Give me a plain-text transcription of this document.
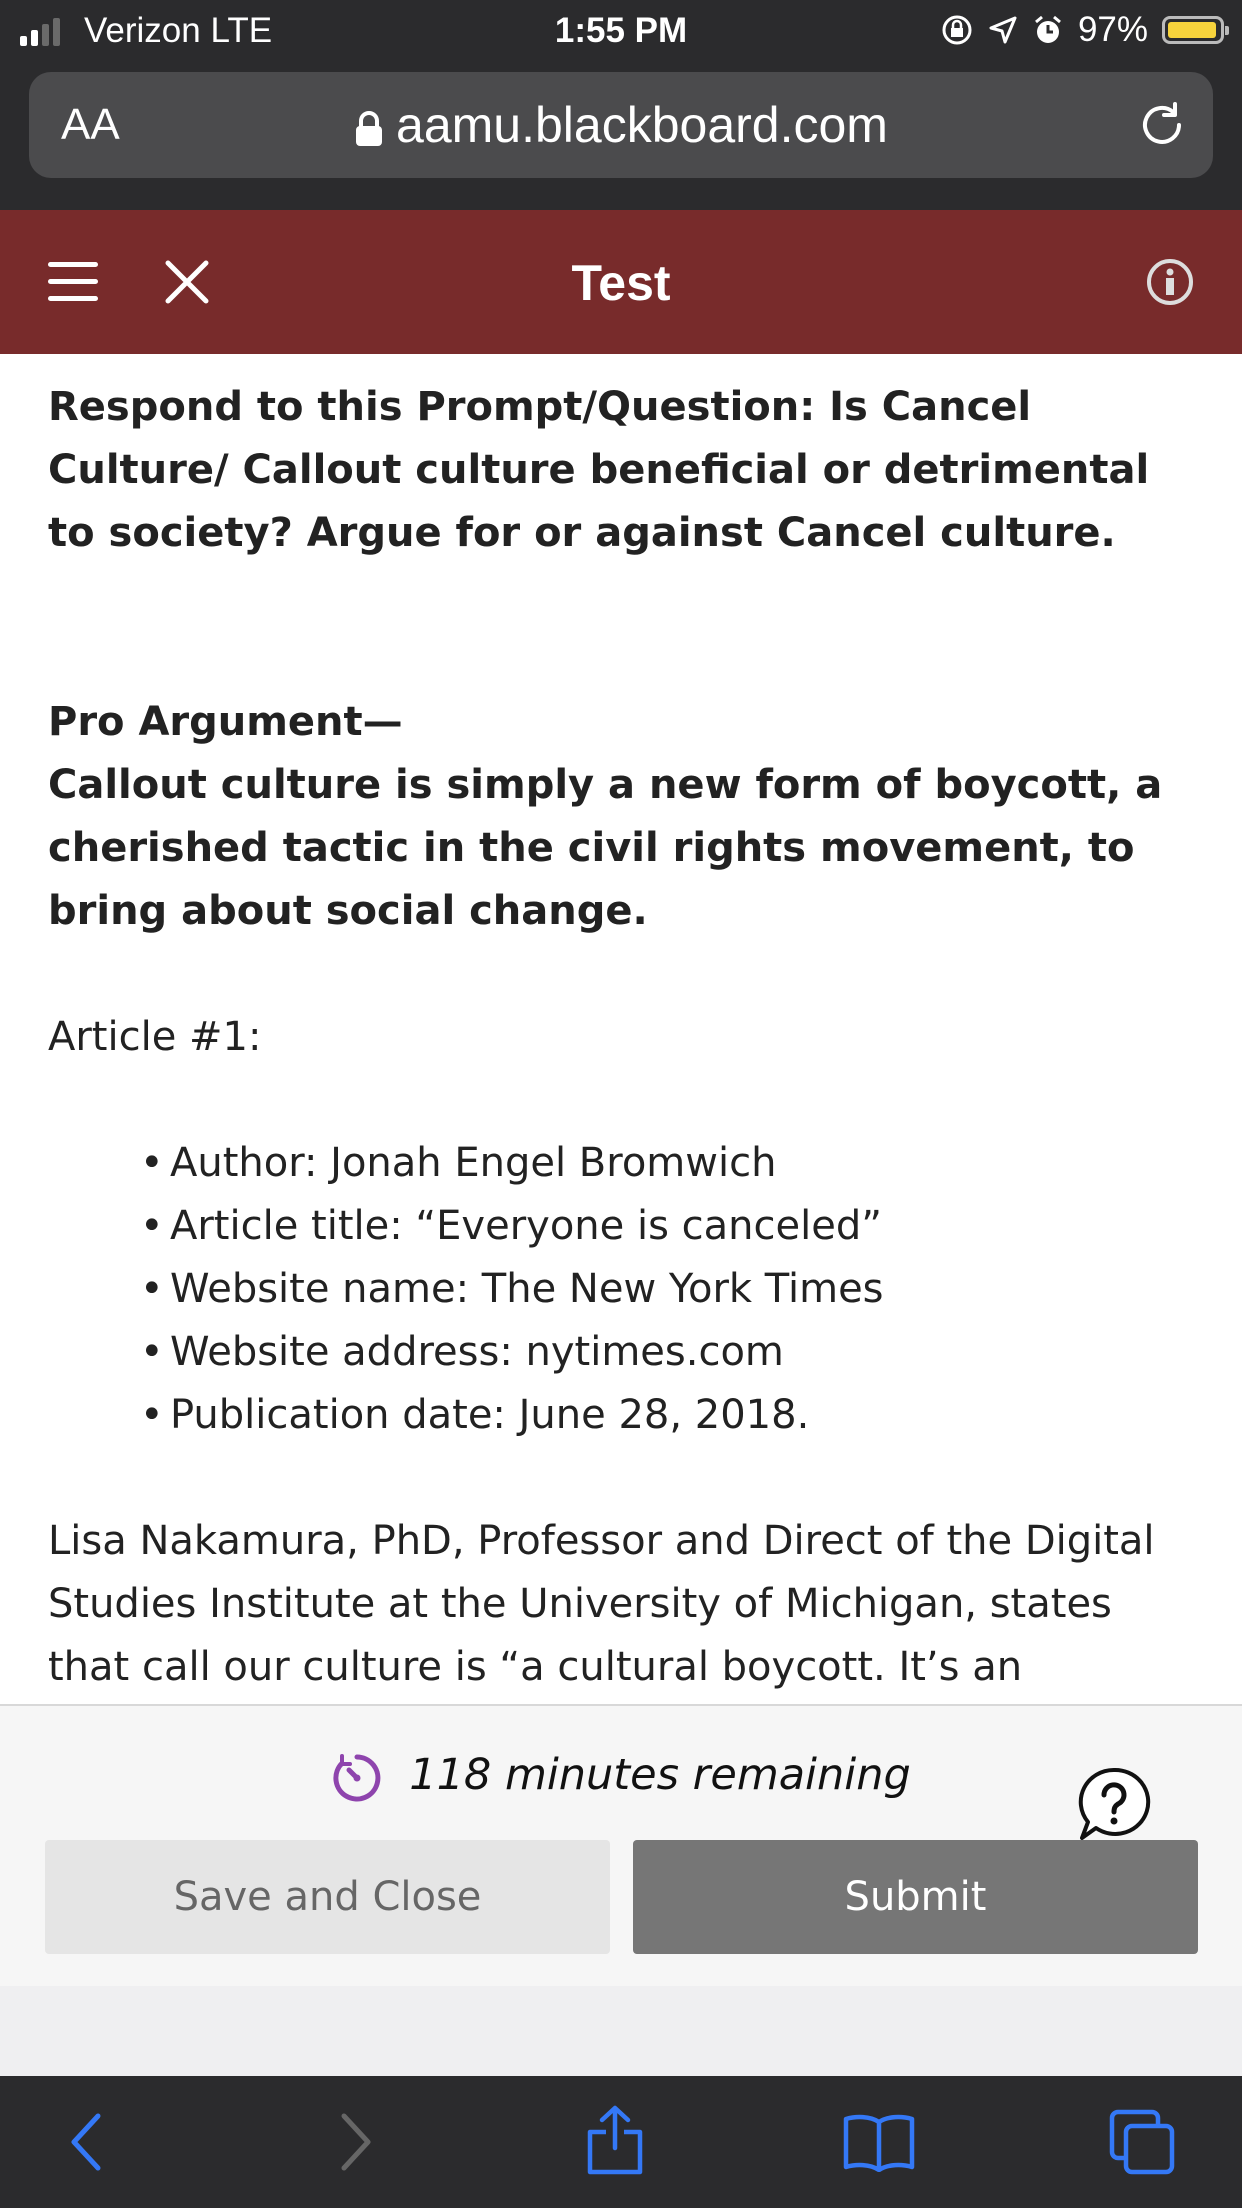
Verizon LTE	1:55 PM	97%
AA	aamu.blackboard.com
Test

Respond to this Prompt/Question: Is Cancel Culture/ Callout culture beneficial or detrimental to society? Argue for or against Cancel culture.

Pro Argument—

Callout culture is simply a new form of boycott, a cherished tactic in the civil rights movement, to bring about social change.

Article #1:

• Author: Jonah Engel Bromwich
• Article title: “Everyone is canceled”
• Website name: The New York Times
• Website address: nytimes.com
• Publication date: June 28, 2018.

Lisa Nakamura, PhD, Professor and Direct of the Digital Studies Institute at the University of Michigan, states that call our culture is “a cultural boycott. It’s an

118 minutes remaining
Save and Close	Submit
